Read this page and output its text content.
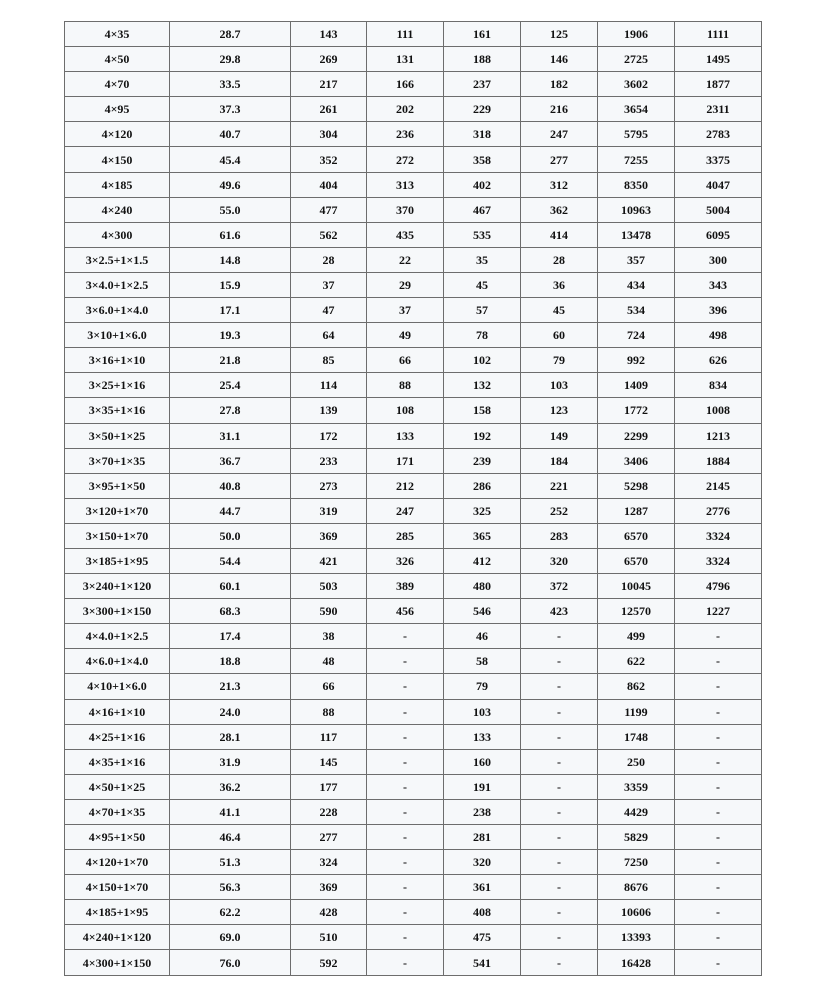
4×35	28.7	143	111	161	125	1906	1111
4×50	29.8	269	131	188	146	2725	1495
4×70	33.5	217	166	237	182	3602	1877
4×95	37.3	261	202	229	216	3654	2311
4×120	40.7	304	236	318	247	5795	2783
4×150	45.4	352	272	358	277	7255	3375
4×185	49.6	404	313	402	312	8350	4047
4×240	55.0	477	370	467	362	10963	5004
4×300	61.6	562	435	535	414	13478	6095
3×2.5+1×1.5	14.8	28	22	35	28	357	300
3×4.0+1×2.5	15.9	37	29	45	36	434	343
3×6.0+1×4.0	17.1	47	37	57	45	534	396
3×10+1×6.0	19.3	64	49	78	60	724	498
3×16+1×10	21.8	85	66	102	79	992	626
3×25+1×16	25.4	114	88	132	103	1409	834
3×35+1×16	27.8	139	108	158	123	1772	1008
3×50+1×25	31.1	172	133	192	149	2299	1213
3×70+1×35	36.7	233	171	239	184	3406	1884
3×95+1×50	40.8	273	212	286	221	5298	2145
3×120+1×70	44.7	319	247	325	252	1287	2776
3×150+1×70	50.0	369	285	365	283	6570	3324
3×185+1×95	54.4	421	326	412	320	6570	3324
3×240+1×120	60.1	503	389	480	372	10045	4796
3×300+1×150	68.3	590	456	546	423	12570	1227
4×4.0+1×2.5	17.4	38	-	46	-	499	-
4×6.0+1×4.0	18.8	48	-	58	-	622	-
4×10+1×6.0	21.3	66	-	79	-	862	-
4×16+1×10	24.0	88	-	103	-	1199	-
4×25+1×16	28.1	117	-	133	-	1748	-
4×35+1×16	31.9	145	-	160	-	250	-
4×50+1×25	36.2	177	-	191	-	3359	-
4×70+1×35	41.1	228	-	238	-	4429	-
4×95+1×50	46.4	277	-	281	-	5829	-
4×120+1×70	51.3	324	-	320	-	7250	-
4×150+1×70	56.3	369	-	361	-	8676	-
4×185+1×95	62.2	428	-	408	-	10606	-
4×240+1×120	69.0	510	-	475	-	13393	-
4×300+1×150	76.0	592	-	541	-	16428	-
